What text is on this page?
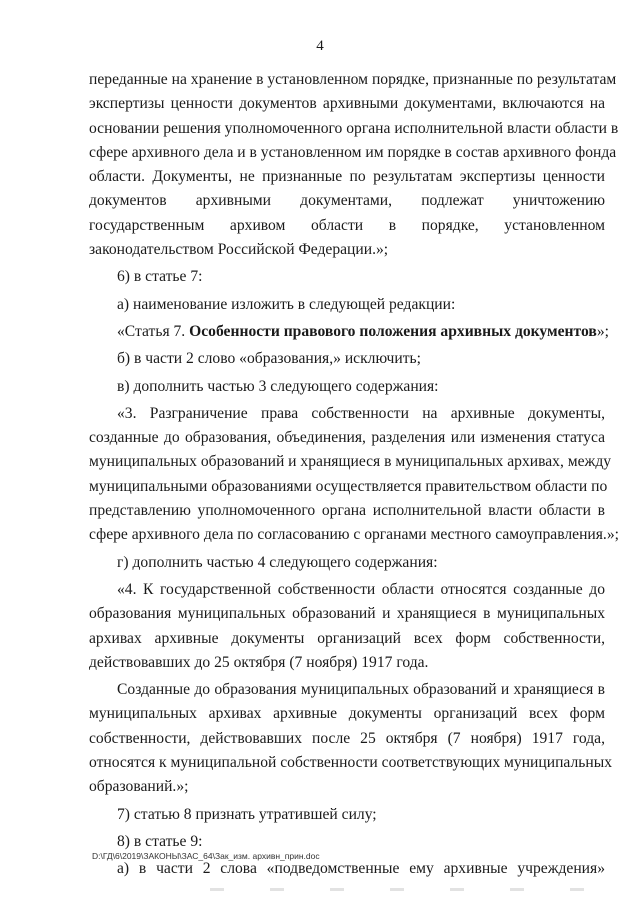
4
переданные на хранение в установленном порядке, признанные по результатам
экспертизы ценности документов архивными документами, включаются на
основании решения уполномоченного органа исполнительной власти области в
сфере архивного дела и в установленном им порядке в состав архивного фонда
области. Документы, не признанные по результатам экспертизы ценности
документов архивными документами, подлежат уничтожению
государственным архивом области в порядке, установленном
законодательством Российской Федерации.»;
6) в статье 7:
а) наименование изложить в следующей редакции:
«Статья 7. Особенности правового положения архивных документов»;
б) в части 2 слово «образования,» исключить;
в) дополнить частью 3 следующего содержания:
«3. Разграничение права собственности на архивные документы,
созданные до образования, объединения, разделения или изменения статуса
муниципальных образований и хранящиеся в муниципальных архивах, между
муниципальными образованиями осуществляется правительством области по
представлению уполномоченного органа исполнительной власти области в
сфере архивного дела по согласованию с органами местного самоуправления.»;
г) дополнить частью 4 следующего содержания:
«4. К государственной собственности области относятся созданные до
образования муниципальных образований и хранящиеся в муниципальных
архивах архивные документы организаций всех форм собственности,
действовавших до 25 октября (7 ноября) 1917 года.
Созданные до образования муниципальных образований и хранящиеся в
муниципальных архивах архивные документы организаций всех форм
собственности, действовавших после 25 октября (7 ноября) 1917 года,
относятся к муниципальной собственности соответствующих муниципальных
образований.»;
7) статью 8 признать утратившей силу;
8) в статье 9:
а) в части 2 слова «подведомственные ему архивные учреждения»
D:\ГД\6\2019\ЗАКОНЫ\ЗАС_64\Зак_изм. архивн_прин.doc
